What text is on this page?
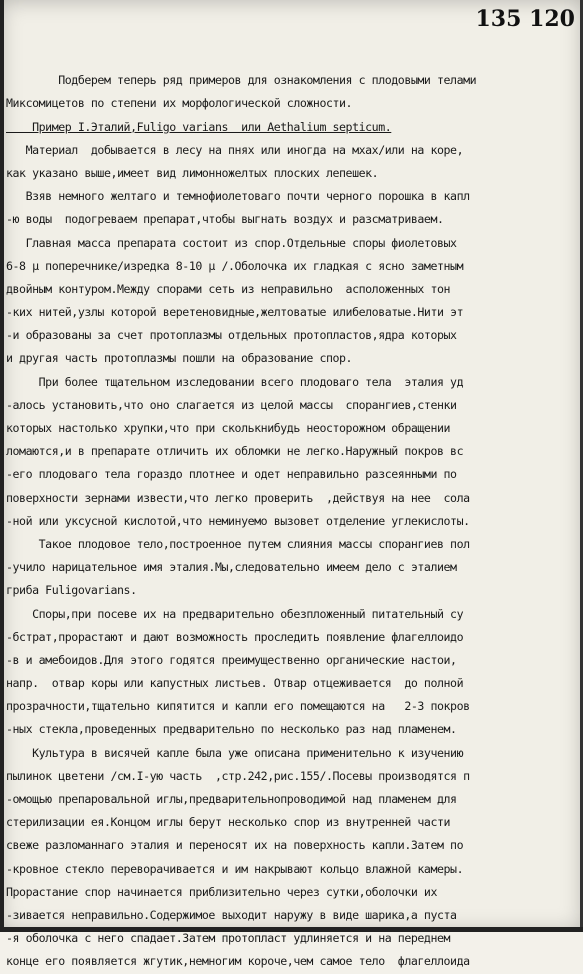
135 120

Подберем теперь ряд примеров для ознакомления с плодовыми телами
Миксомицетов по степени их морфологической сложности.
Пример I.Эталий,Fuligo varians  или Aethalium septicum.
Материал  добывается в лесу на пнях или иногда на мхах/или на коре,
как указано выше,имеет вид лимонножелтых плоских лепешек.
Взяв немного желтаго и темнофиолетоваго почти черного порошка в капл
-ю воды  подогреваем препарат,чтобы выгнать воздух и разсматриваем.
Главная масса препарата состоит из спор.Отдельные споры фиолетовых
6-8 μ поперечнике/изредка 8-10 μ /.Оболочка их гладкая с ясно заметным
двойным контуром.Между спорами сеть из неправильно  асположенных тон
-ких нитей,узлы которой веретеновидные,желтоватые илибеловатые.Нити эт
-и образованы за счет протоплазмы отдельных протопластов,ядра которых
и другая часть протоплазмы пошли на образование спор.
При более тщательном изследовании всего плодоваго тела  эталия уд
-алось установить,что оно слагается из целой массы  спорангиев,стенки
которых настолько хрупки,что при сколькнибудь неосторожном обращении
ломаются,и в препарате отличить их обломки не легко.Наружный покров вс
-его плодоваго тела гораздо плотнее и одет неправильно разсеянными по
поверхности зернами извести,что легко проверить  ,действуя на нее  сола
-ной или уксусной кислотой,что неминуемо вызовет отделение углекислоты.
Такое плодовое тело,построенное путем слияния массы спорангиев пол
-учило нарицательное имя эталия.Мы,следовательно имеем дело с эталием
гриба Fuligovarians.
Споры,при посеве их на предварительно обезпложенный питательный су
-бстрат,прорастают и дают возможность проследить появление флагеллоидо
-в и амебоидов.Для этого годятся преимущественно органические настои,
напр.  отвар коры или капустных листьев. Отвар отцеживается  до полной
прозрачности,тщательно кипятится и капли его помещаются на   2-3 покров
-ных стекла,проведенных предварительно по несколько раз над пламенем.
Культура в висячей капле была уже описана применительно к изучению
пылинок цветени /см.I-ую часть  ,стр.242,рис.155/.Посевы производятся п
-омощью препаровальной иглы,предварительнопроводимой над пламенем для
стерилизации ея.Концом иглы берут несколько спор из внутренней части
свеже разломаннаго эталия и переносят их на поверхность капли.Затем по
-кровное стекло переворачивается и им накрывают кольцо влажной камеры.
Прорастание спор начинается приблизительно через сутки,оболочки их
-зивается неправильно.Содержимое выходит наружу в виде шарика,а пуста
-я оболочка с него спадает.Затем протопласт удлиняется и на переднем
конце его появляется жгутик,немногим короче,чем самое тело  флагеллоида
